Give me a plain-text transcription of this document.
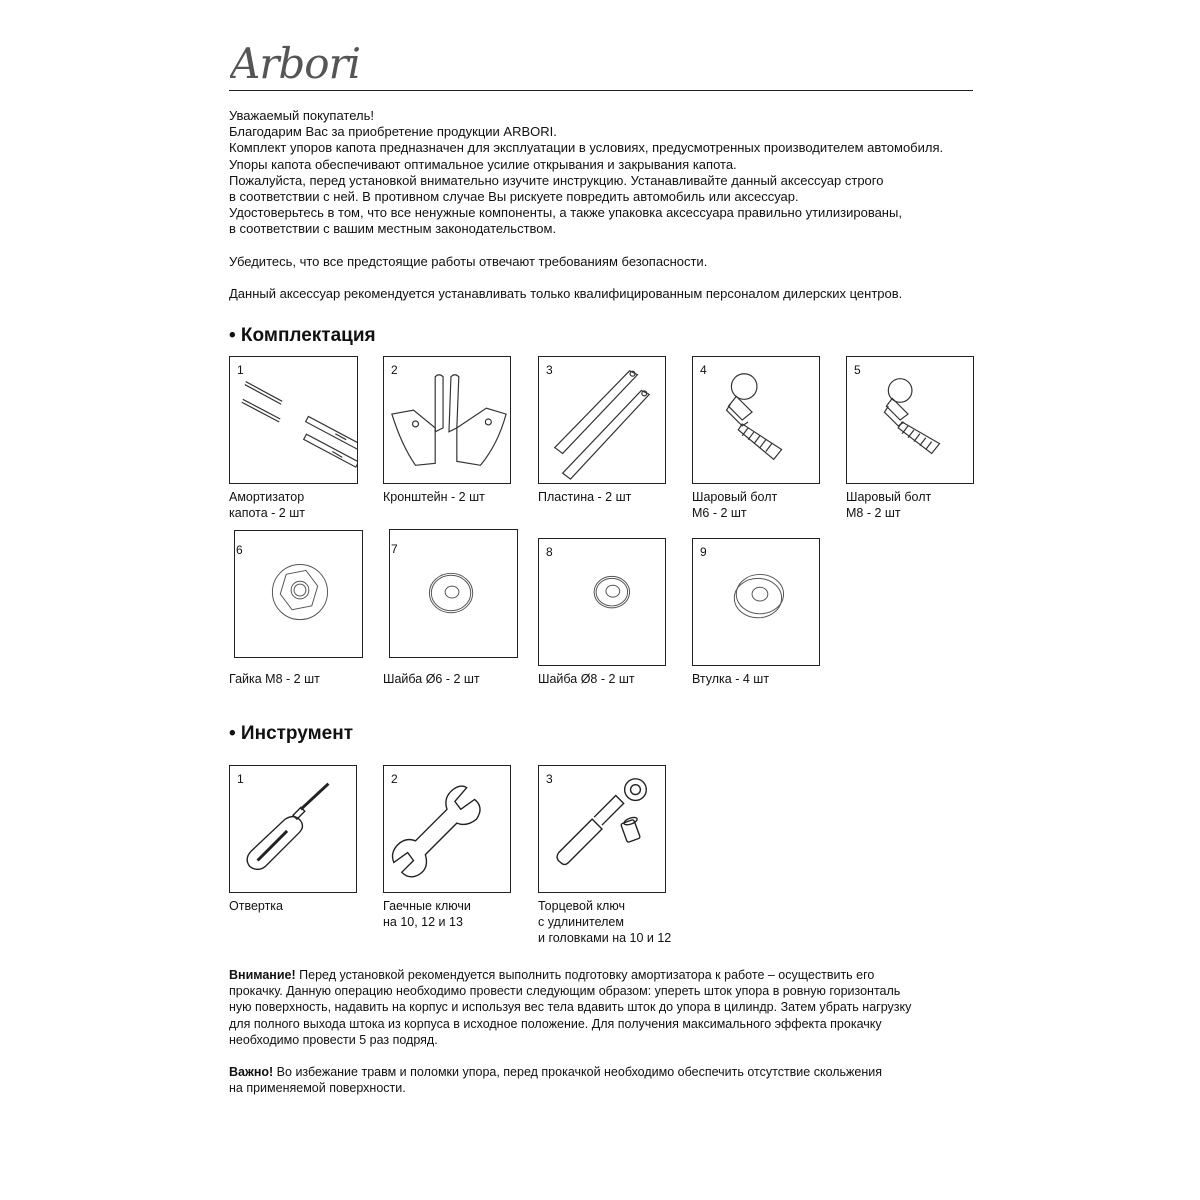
Arbori
Уважаемый покупатель!
Благодарим Вас за приобретение продукции ARBORI.
Комплект упоров капота предназначен для эксплуатации в условиях, предусмотренных производителем автомобиля.
Упоры капота обеспечивают оптимальное усилие открывания и закрывания капота.
Пожалуйста, перед установкой внимательно изучите инструкцию. Устанавливайте данный аксессуар строго
в соответствии с ней. В противном случае Вы рискуете повредить автомобиль или аксессуар.
Удостоверьтесь в том, что все ненужные компоненты, а также упаковка аксессуара правильно утилизированы,
в соответствии с вашим местным законодательством.
Убедитесь, что все предстоящие работы отвечают требованиям безопасности.
Данный аксессуар рекомендуется устанавливать только квалифицированным персоналом дилерских центров.
• Комплектация
1	2	3	4	5
Амортизатор
капота - 2 шт
Кронштейн - 2 шт	Пластина - 2 шт	Шаровый болт
М6 - 2 шт
Шаровый болт
М8 - 2 шт
6	7	8	9
Гайка М8 - 2 шт	Шайба Ø6 - 2 шт	Шайба Ø8 - 2 шт	Втулка - 4 шт
• Инструмент
1	2	3
Отвертка	Гаечные ключи
на 10, 12 и 13
Торцевой ключ
с удлинителем
и головками на 10 и 12
Внимание! Перед установкой рекомендуется выполнить подготовку амортизатора к работе – осуществить его
прокачку. Данную операцию необходимо провести следующим образом: упереть шток упора в ровную горизонталь
ную поверхность, надавить на корпус и используя вес тела вдавить шток до упора в цилиндр. Затем убрать нагрузку
для полного выхода штока из корпуса в исходное положение. Для получения максимального эффекта прокачку
необходимо провести 5 раз подряд.
Важно! Во избежание травм и поломки упора, перед прокачкой необходимо обеспечить отсутствие скольжения
на применяемой поверхности.
